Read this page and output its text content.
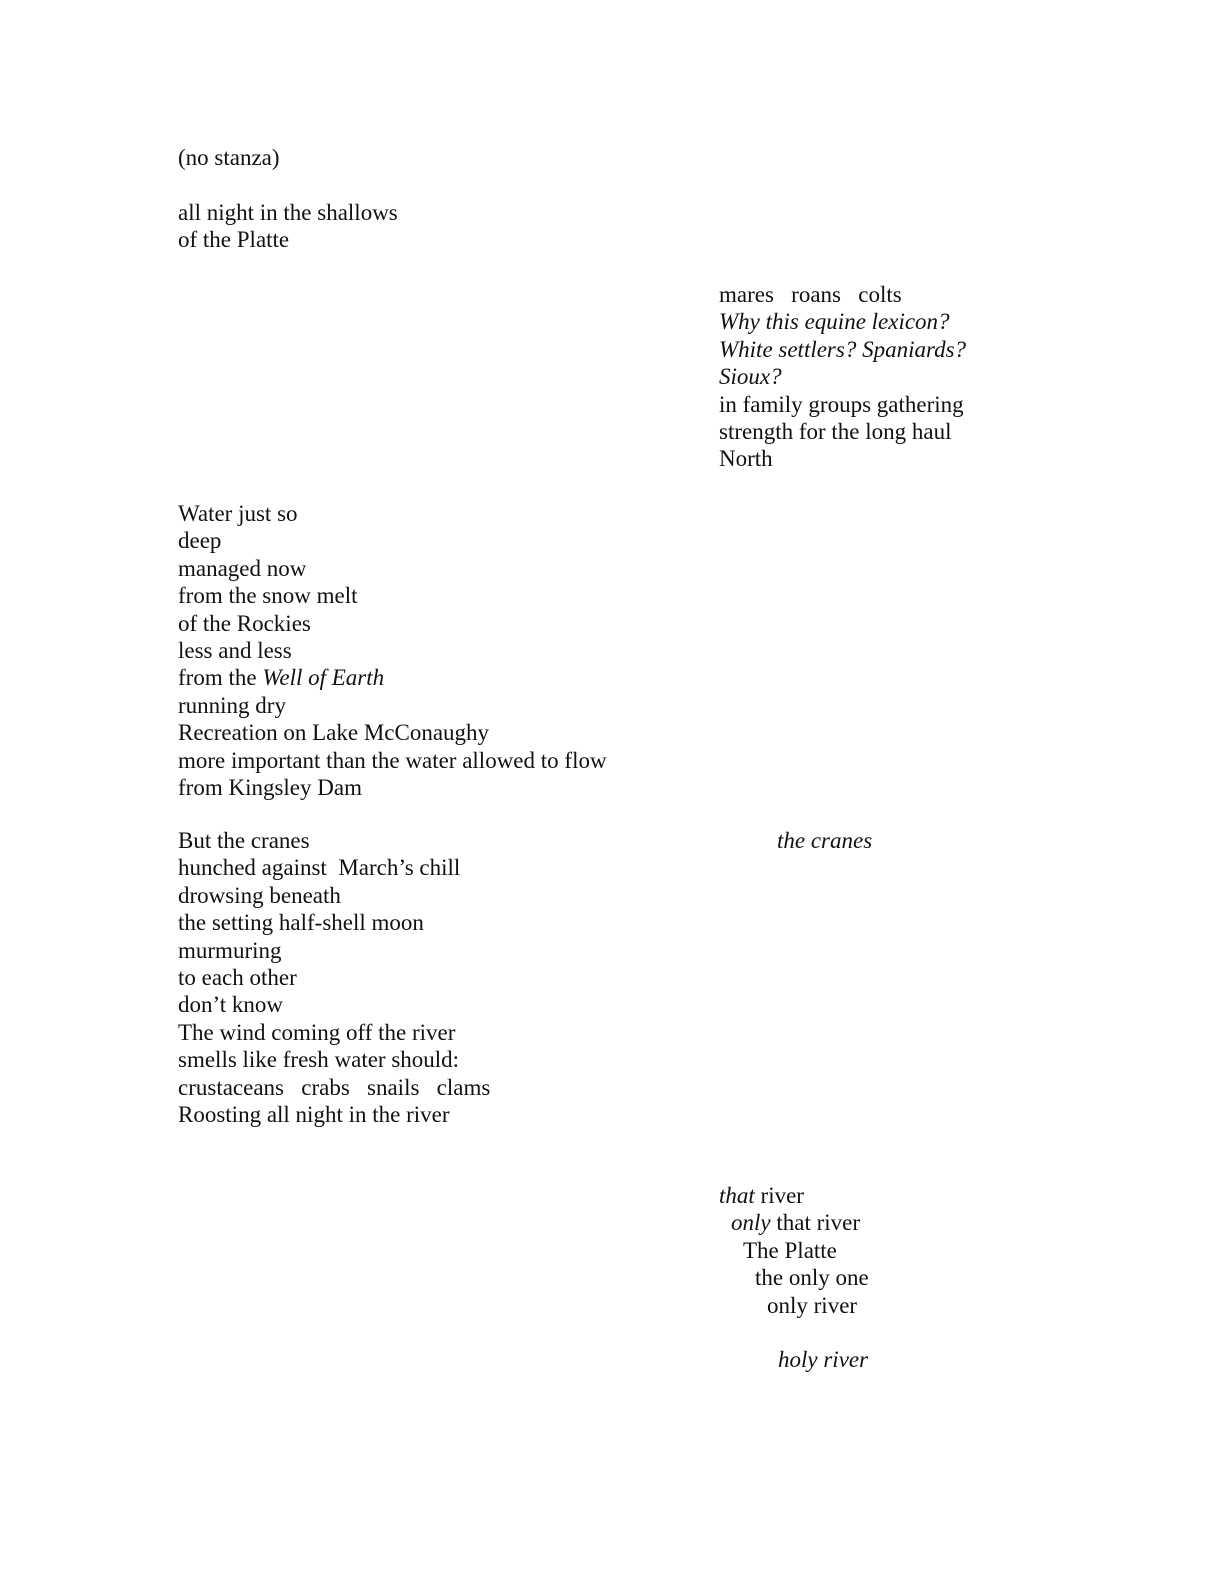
(no stanza)
all night in the shallows
of the Platte
mares   roans   colts
Why this equine lexicon?
White settlers? Spaniards?
Sioux?
in family groups gathering
strength for the long haul
North
Water just so
deep
managed now
from the snow melt
of the Rockies
less and less
from the Well of Earth
running dry
Recreation on Lake McConaughy
more important than the water allowed to flow
from Kingsley Dam
But the cranes
hunched against  March’s chill
drowsing beneath
the setting half-shell moon
murmuring
to each other
don’t know
The wind coming off the river
smells like fresh water should:
crustaceans   crabs   snails   clams
Roosting all night in the river
the cranes
that river
only that river
The Platte
the only one
only river
holy river
